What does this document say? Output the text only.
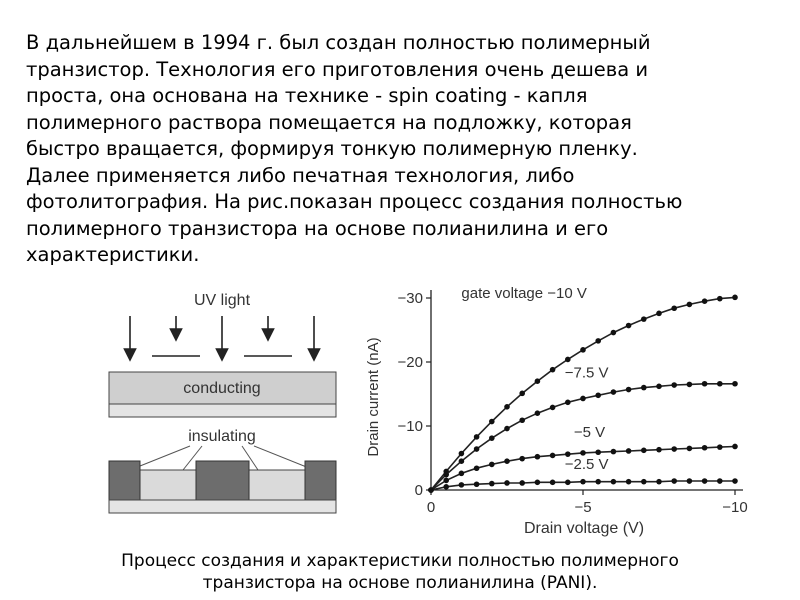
В дальнейшем в 1994 г. был создан полностью полимерный
транзистор. Технология его приготовления очень дешева и
проста, она основана на технике - spin coating - капля
полимерного раствора помещается на подложку, которая
быстро вращается, формируя тонкую полимерную пленку.
Далее применяется либо печатная технология, либо
фотолитография. На рис.показан процесс создания полностью
полимерного транзистора на основе полианилина и его
характеристики.
UV light
conducting
insulating
0
−10
−20
−30
0	−5	−10
gate voltage −10 V
−7.5 V
−5 V
−2.5 V
Drain current (nA)
Drain voltage (V)
Процесс создания и характеристики полностью полимерного
транзистора на основе полианилина (PANI).
